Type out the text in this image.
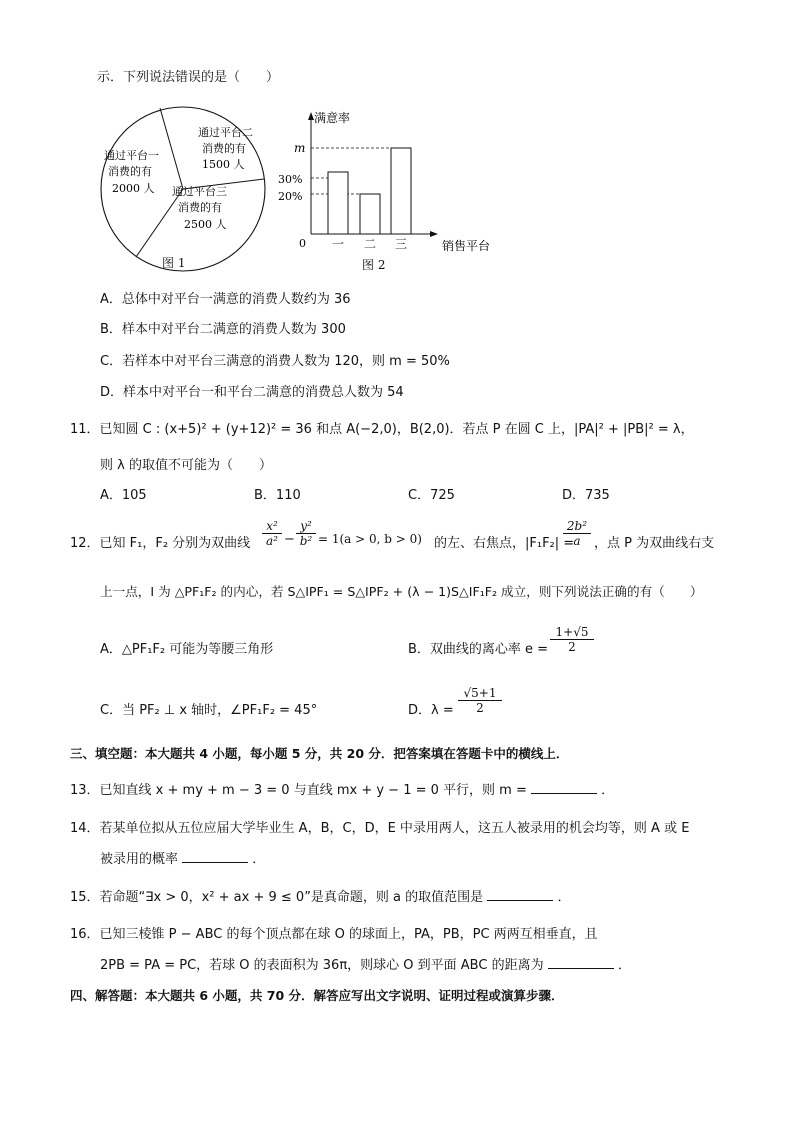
示．下列说法错误的是（　　）
通过平台二
消费的有
1500 人
通过平台一
消费的有
2000 人 通过平台三
消费的有
2500 人
图 1
满意率
销售平台
m
30%
20%
0 一 二 三
图 2
A．总体中对平台一满意的消费人数约为 36
B．样本中对平台二满意的消费人数为 300
C．若样本中对平台三满意的消费人数为 120，则 m = 50%
D．样本中对平台一和平台二满意的消费总人数为 54
11．已知圆 C : (x+5)² + (y+12)² = 36 和点 A(−2,0)，B(2,0)．若点 P 在圆 C 上，|PA|² + |PB|² = λ，
则 λ 的取值不可能为（　　）
A．105	B．110	C．725	D．735
12．已知 F₁，F₂ 分别为双曲线 $\frac{\text{x²}}{\text{a²}} - \frac{\text{y²}}{\text{b²}} = 1(a > 0$, b > 0) 的左、右焦点，|F₁F₂| =
$\frac{\text{2b²}}{a}$ ，点 P 为双曲线右支
上一点，I 为 △PF₁F₂ 的内心，若 S△IPF₁ = S△IPF₂ + (λ − 1)S△IF₁F₂ 成立，则下列说法正确的有（　　）
A．△PF₁F₂ 可能为等腰三角形	B．双曲线的离心率 $e = \frac{1+√5}{2}$
C．当 PF₂ ⊥ x 轴时，∠PF₁F₂ = 45°	D．$\lambda = \frac{√5+1}{2}$
三、填空题：本大题共 4 小题，每小题 5 分，共 20 分．把答案填在答题卡中的横线上．
13．已知直线 x + my + m − 3 = 0 与直线 mx + y − 1 = 0 平行，则 m =	．
14．若某单位拟从五位应届大学毕业生 A，B，C，D，E 中录用两人，这五人被录用的机会均等，则 A 或 E
被录用的概率	．
15．若命题“∃x > 0，x² + ax + 9 ≤ 0”是真命题，则 a 的取值范围是	．
16．已知三棱锥 P − ABC 的每个顶点都在球 O 的球面上，PA，PB，PC 两两互相垂直，且
2PB = PA = PC，若球 O 的表面积为 36π，则球心 O 到平面 ABC 的距离为	．
四、解答题：本大题共 6 小题，共 70 分．解答应写出文字说明、证明过程或演算步骤．
